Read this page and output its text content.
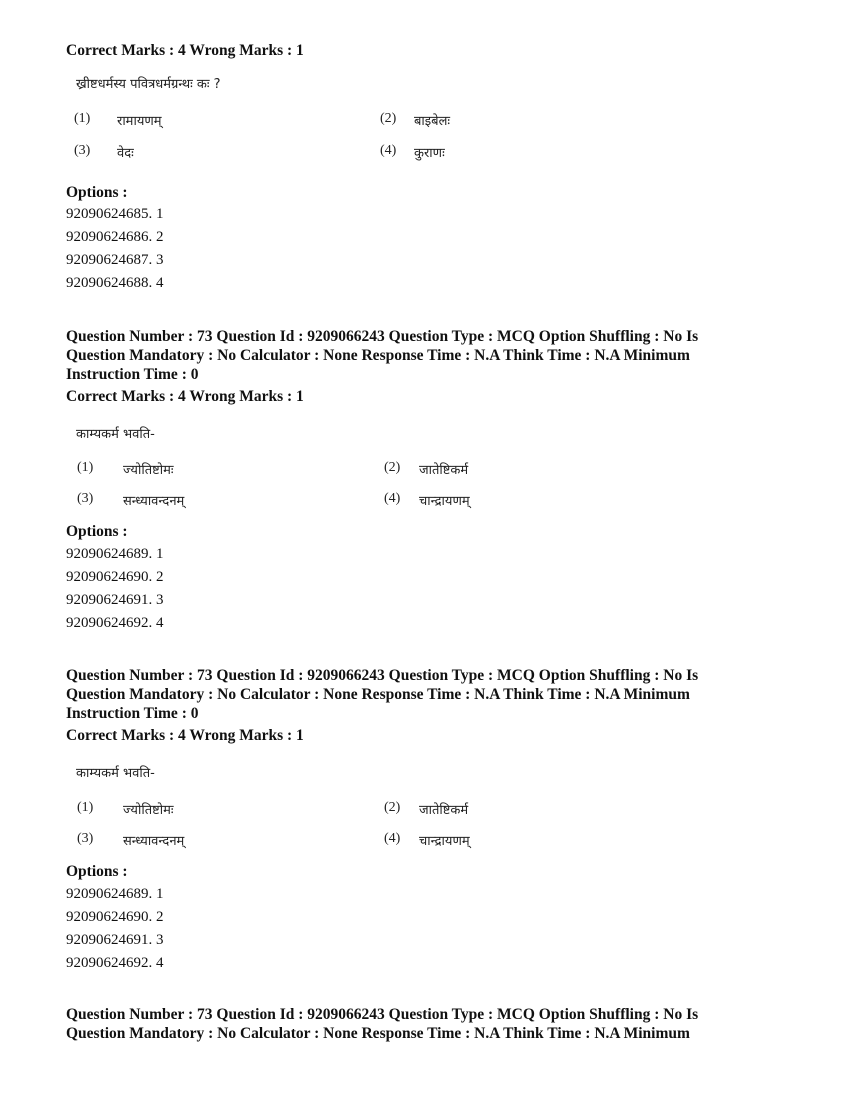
Correct Marks : 4 Wrong Marks : 1
ख्रीष्टधर्मस्य पवित्रधर्मग्रन्थः कः ?
(1) रामायणम्	(2) बाइबेलः
(3) वेदः	(4) कुराणः
Options :
92090624685. 1
92090624686. 2
92090624687. 3
92090624688. 4
Question Number : 73 Question Id : 9209066243 Question Type : MCQ Option Shuffling : No Is
Question Mandatory : No Calculator : None Response Time : N.A Think Time : N.A Minimum
Instruction Time : 0
Correct Marks : 4 Wrong Marks : 1
काम्यकर्म भवति-
(1) ज्योतिष्टोमः	(2) जातेष्टिकर्म
(3) सन्ध्यावन्दनम्	(4) चान्द्रायणम्
Options :
92090624689. 1
92090624690. 2
92090624691. 3
92090624692. 4
Question Number : 73 Question Id : 9209066243 Question Type : MCQ Option Shuffling : No Is
Question Mandatory : No Calculator : None Response Time : N.A Think Time : N.A Minimum
Instruction Time : 0
Correct Marks : 4 Wrong Marks : 1
काम्यकर्म भवति-
(1) ज्योतिष्टोमः	(2) जातेष्टिकर्म
(3) सन्ध्यावन्दनम्	(4) चान्द्रायणम्
Options :
92090624689. 1
92090624690. 2
92090624691. 3
92090624692. 4
Question Number : 73 Question Id : 9209066243 Question Type : MCQ Option Shuffling : No Is
Question Mandatory : No Calculator : None Response Time : N.A Think Time : N.A Minimum
